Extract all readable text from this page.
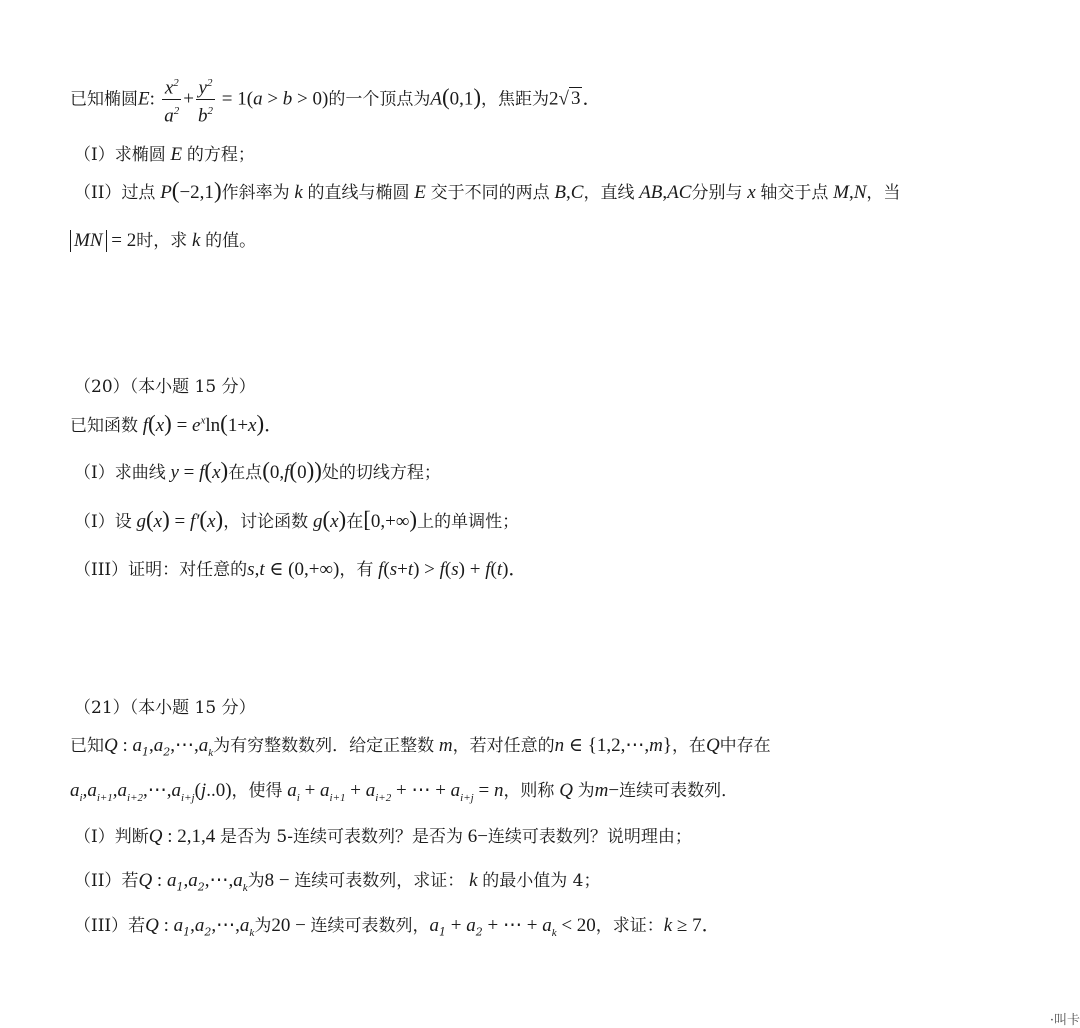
已知椭圆E: $\frac{x^2}{a^2} + \frac{y^2}{b^2} = 1(a > b > 0)$的一个顶点为A(0,1)，焦距为2√ 3 ．
（I）求椭圆 E 的方程；
（II）过点 P(−2,1)作斜率为 k 的直线与椭圆 E 交于不同的两点 B,C，直线 AB,AC分别与 x 轴交于点 M,N，当
MN = 2时，求 k 的值。
（20）（本小题 15 分）
已知函数 $f(x) = e^x\ln(1+x)$．
（I）求曲线 y = f(x)在点(0,f(0))处的切线方程；
（I）设 g(x) = f′(x)，讨论函数 g(x)在[0,+∞)上的单调性；
（III）证明：对任意的s,t ∈ (0,+∞)，有 f(s+t) > f(s) + f(t)．
（21）（本小题 15 分）
已知Q : $a_1,a_2,\cdots,a_k$为有穷整数数列．给定正整数 m，若对任意的n ∈ {1,2,⋯,m}，在Q中存在
$a_i,a_{i+1},a_{i+2},\cdots,a_{i+j}(j..0)$，使得 $a_i + a_{i+1} + a_{i+2}$ + ⋯ + $a_{i+j} = n$，则称 Q 为m−连续可表数列．
（I）判断Q : 2,1,4 是否为 5-连续可表数列？是否为 6−连续可表数列？说明理由；
（II）若Q : $a_1,a_2,\cdots,a_k$为8 − 连续可表数列，求证： k 的最小值为 4；
（III）若Q : $a_1,a_2,\cdots,a_k$为20 − 连续可表数列，$a_1 + a_2$ + ⋯ + $a_k < 20$，求证：k ≥ 7．
·叫卡
